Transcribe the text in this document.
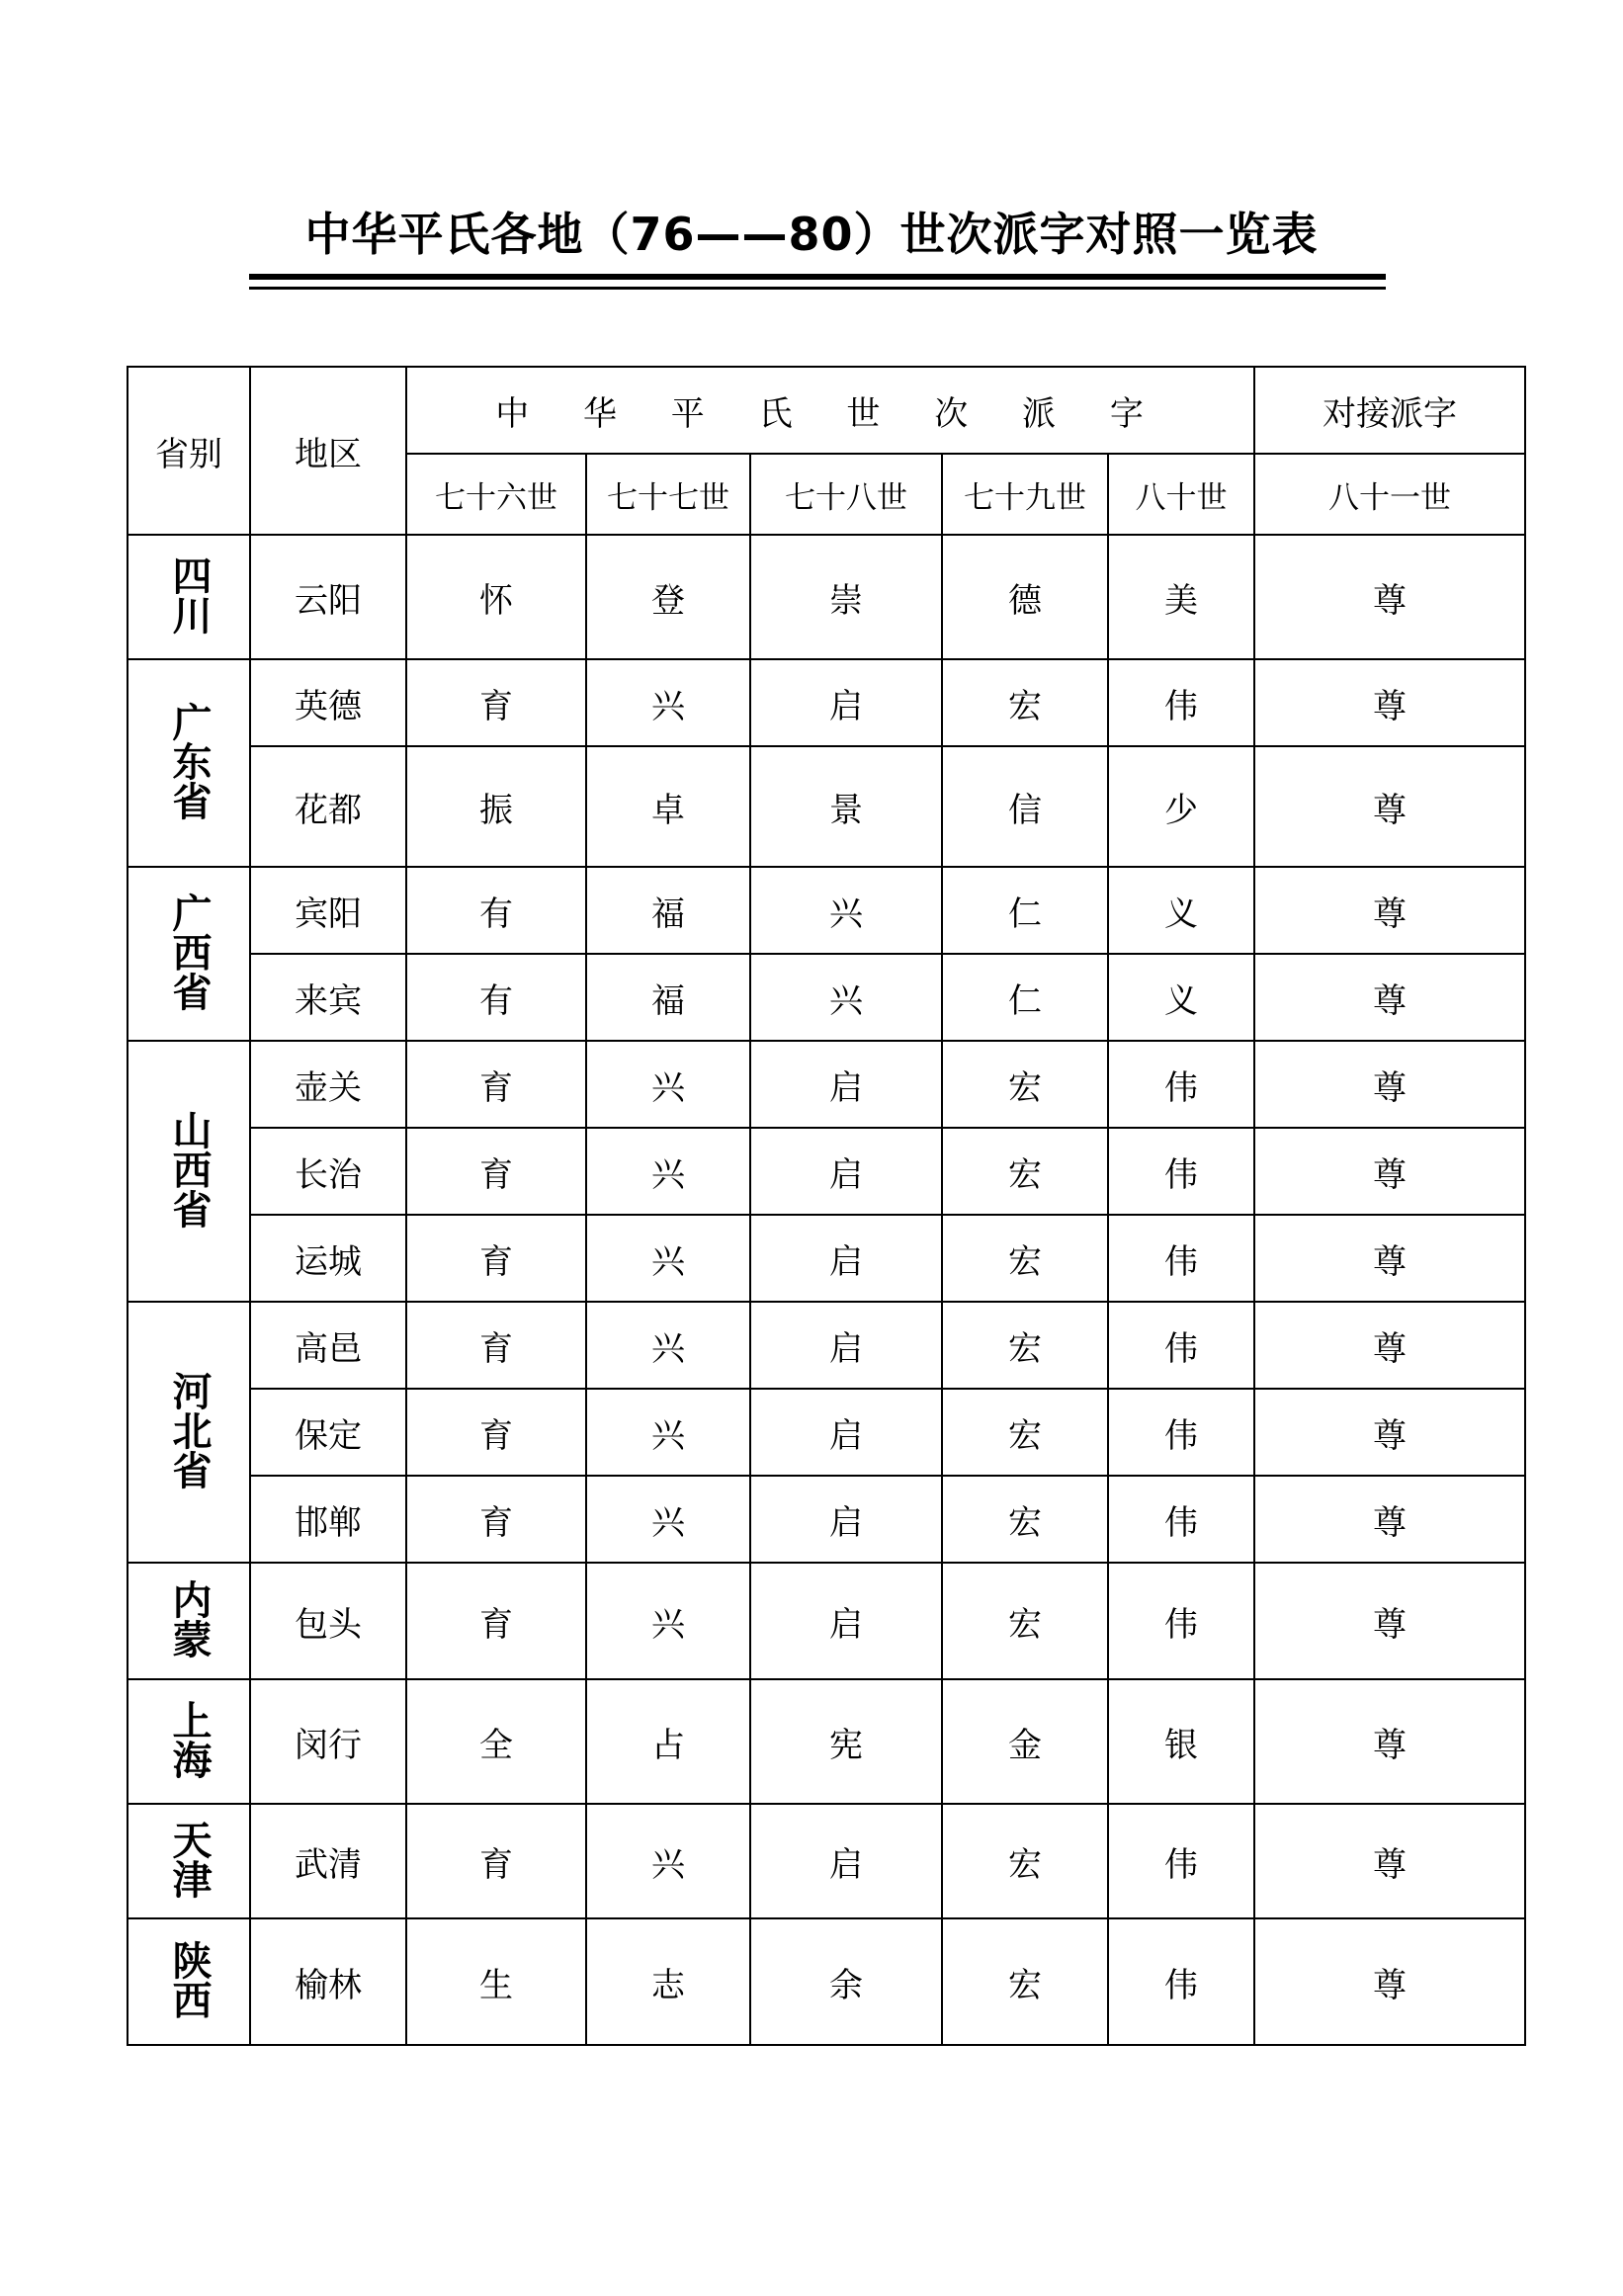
中华平氏各地（76——80）世次派字对照一览表
省别	地区	中 华 平 氏 世 次 派 字					对接派字
		七十六世	七十七世	七十八世	七十九世	八十世	八十一世
四川	云阳	怀	登	崇	德	美	尊
广东省	英德	育	兴	启	宏	伟	尊
	花都	振	卓	景	信	少	尊
广西省	宾阳	有	福	兴	仁	义	尊
	来宾	有	福	兴	仁	义	尊
山西省	壶关	育	兴	启	宏	伟	尊
	长治	育	兴	启	宏	伟	尊
	运城	育	兴	启	宏	伟	尊
河北省	高邑	育	兴	启	宏	伟	尊
	保定	育	兴	启	宏	伟	尊
	邯郸	育	兴	启	宏	伟	尊
内蒙	包头	育	兴	启	宏	伟	尊
上海	闵行	全	占	宪	金	银	尊
天津	武清	育	兴	启	宏	伟	尊
陕西	榆林	生	志	余	宏	伟	尊
